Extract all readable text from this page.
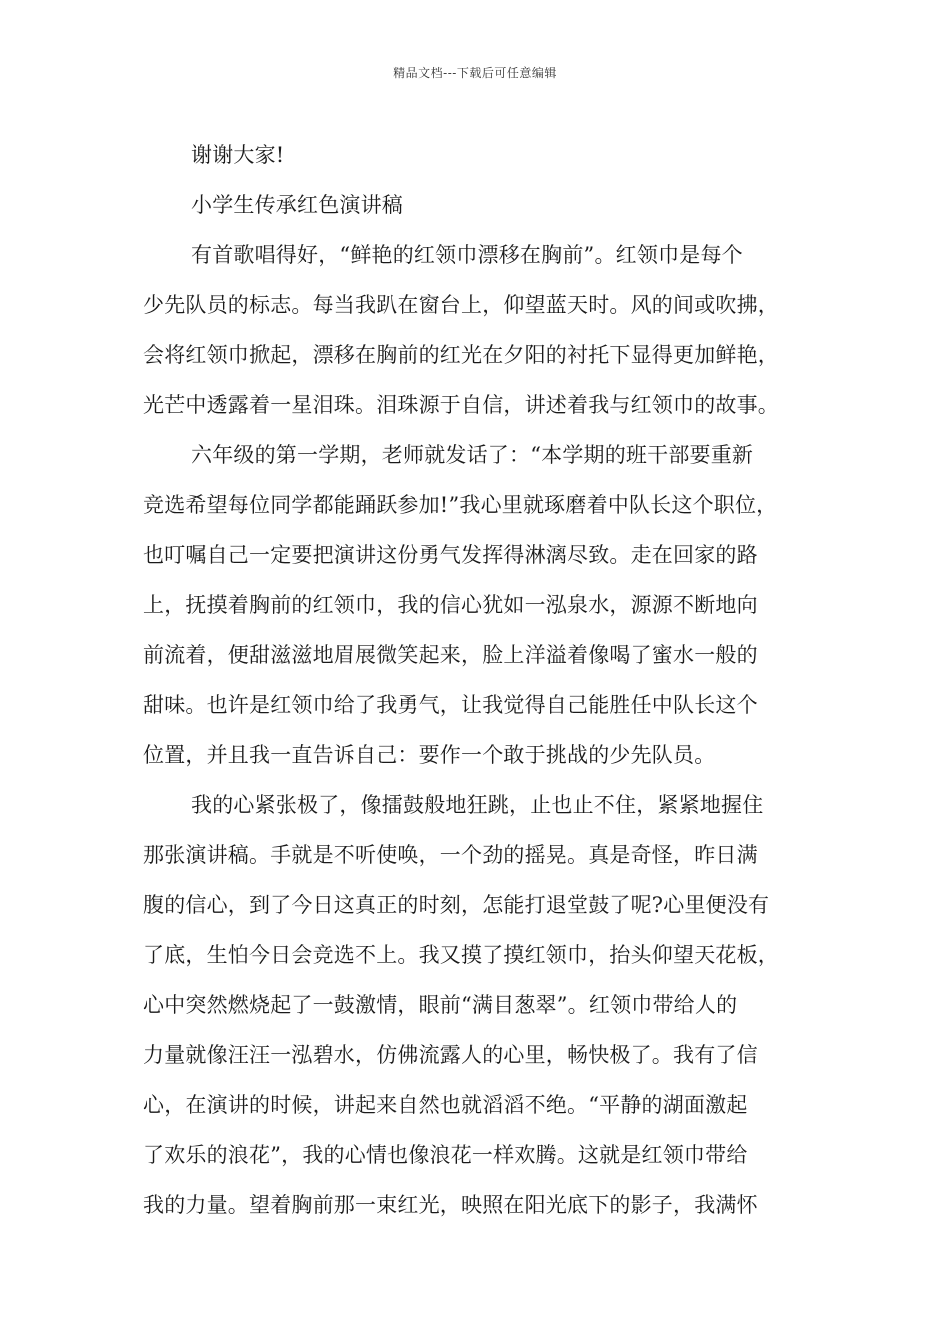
精品文档---下载后可任意编辑

谢谢大家!

小学生传承红色演讲稿

有首歌唱得好，“鲜艳的红领巾漂移在胸前”。红领巾是每个
少先队员的标志。每当我趴在窗台上，仰望蓝天时。风的间或吹拂，
会将红领巾掀起，漂移在胸前的红光在夕阳的衬托下显得更加鲜艳，
光芒中透露着一星泪珠。泪珠源于自信，讲述着我与红领巾的故事。

六年级的第一学期，老师就发话了：“本学期的班干部要重新
竞选希望每位同学都能踊跃参加!”我心里就琢磨着中队长这个职位，
也叮嘱自己一定要把演讲这份勇气发挥得淋漓尽致。走在回家的路
上，抚摸着胸前的红领巾，我的信心犹如一泓泉水，源源不断地向
前流着，便甜滋滋地眉展微笑起来，脸上洋溢着像喝了蜜水一般的
甜味。也许是红领巾给了我勇气，让我觉得自己能胜任中队长这个
位置，并且我一直告诉自己：要作一个敢于挑战的少先队员。

我的心紧张极了，像擂鼓般地狂跳，止也止不住，紧紧地握住
那张演讲稿。手就是不听使唤，一个劲的摇晃。真是奇怪，昨日满
腹的信心，到了今日这真正的时刻，怎能打退堂鼓了呢?心里便没有
了底，生怕今日会竞选不上。我又摸了摸红领巾，抬头仰望天花板，
心中突然燃烧起了一鼓激情，眼前“满目葱翠”。红领巾带给人的
力量就像汪汪一泓碧水，仿佛流露人的心里，畅快极了。我有了信
心，在演讲的时候，讲起来自然也就滔滔不绝。“平静的湖面激起
了欢乐的浪花”，我的心情也像浪花一样欢腾。这就是红领巾带给
我的力量。望着胸前那一束红光，映照在阳光底下的影子，我满怀
